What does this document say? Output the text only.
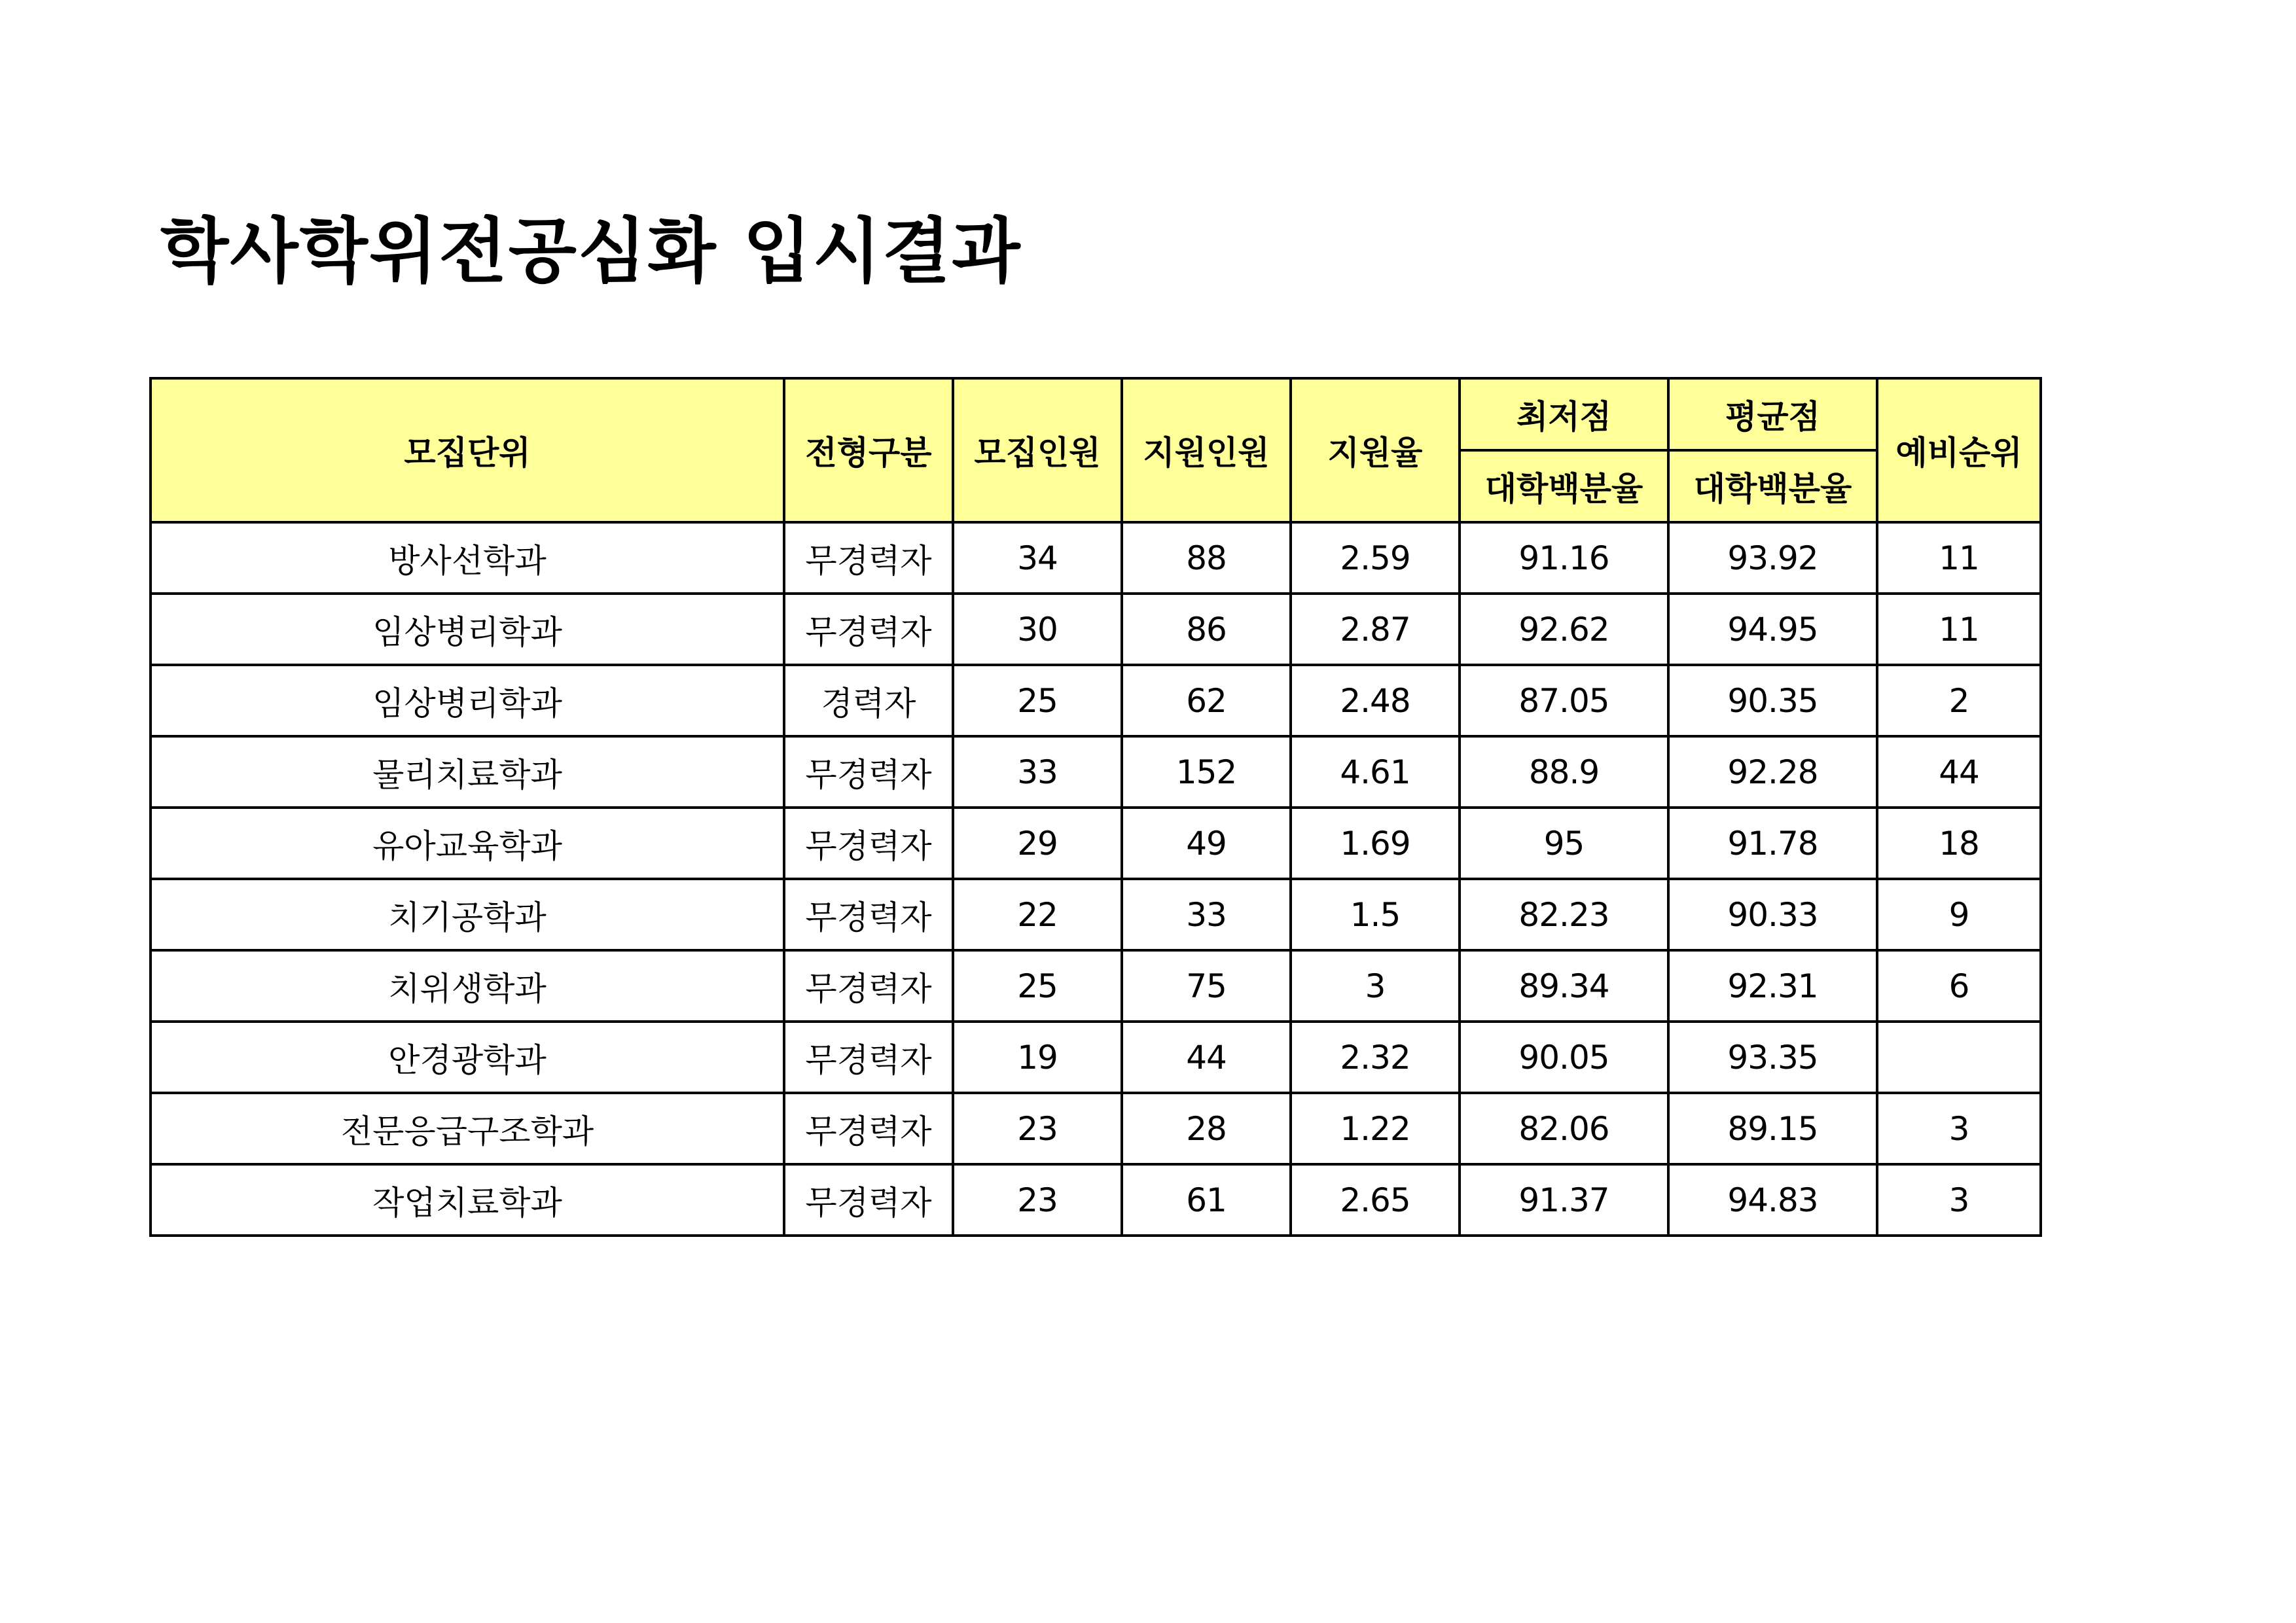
학사학위전공심화 입시결과
모집단위	전형구분	모집인원	지원인원	지원율	최저점	평균점	예비순위
					대학백분율	대학백분율	
방사선학과	무경력자	34	88	2.59	91.16	93.92	11
임상병리학과	무경력자	30	86	2.87	92.62	94.95	11
임상병리학과	경력자	25	62	2.48	87.05	90.35	2
물리치료학과	무경력자	33	152	4.61	88.9	92.28	44
유아교육학과	무경력자	29	49	1.69	95	91.78	18
치기공학과	무경력자	22	33	1.5	82.23	90.33	9
치위생학과	무경력자	25	75	3	89.34	92.31	6
안경광학과	무경력자	19	44	2.32	90.05	93.35	
전문응급구조학과	무경력자	23	28	1.22	82.06	89.15	3
작업치료학과	무경력자	23	61	2.65	91.37	94.83	3
